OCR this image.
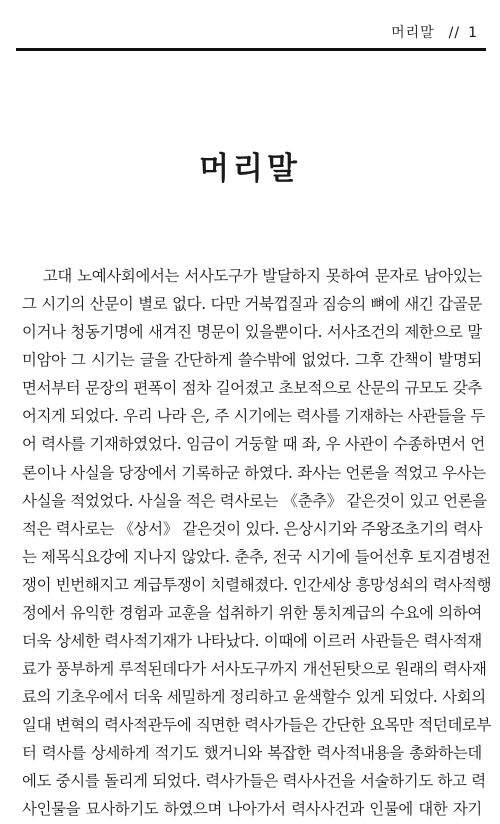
머리말 // 1
머리말
고대 노예사회에서는 서사도구가 발달하지 못하여 문자로 남아있는
그 시기의 산문이 별로 없다. 다만 거북껍질과 짐승의 뼈에 새긴 갑골문
이거나 청동기명에 새겨진 명문이 있을뿐이다. 서사조건의 제한으로 말
미암아 그 시기는 글을 간단하게 쓸수밖에 없었다. 그후 간책이 발명되
면서부터 문장의 편폭이 점차 길어졌고 초보적으로 산문의 규모도 갖추
어지게 되었다. 우리 나라 은, 주 시기에는 력사를 기재하는 사관들을 두
어 력사를 기재하였었다. 임금이 거둥할 때 좌, 우 사관이 수종하면서 언
론이나 사실을 당장에서 기록하군 하였다. 좌사는 언론을 적었고 우사는
사실을 적었었다. 사실을 적은 력사로는 《춘추》 같은것이 있고 언론을
적은 력사로는 《상서》 같은것이 있다. 은상시기와 주왕조초기의 력사
는 제목식요강에 지나지 않았다. 춘추, 전국 시기에 들어선후 토지겸병전
쟁이 빈번해지고 계급투쟁이 치렬해졌다. 인간세상 흥망성쇠의 력사적행
정에서 유익한 경험과 교훈을 섭취하기 위한 통치계급의 수요에 의하여
더욱 상세한 력사적기재가 나타났다. 이때에 이르러 사관들은 력사적재
료가 풍부하게 루적된데다가 서사도구까지 개선된탓으로 원래의 력사재
료의 기초우에서 더욱 세밀하게 정리하고 윤색할수 있게 되었다. 사회의
일대 변혁의 력사적관두에 직면한 력사가들은 간단한 요목만 적던데로부
터 력사를 상세하게 적기도 했거니와 복잡한 력사적내용을 총화하는데
에도 중시를 돌리게 되었다. 력사가들은 력사사건을 서술하기도 하고 력
사인물을 묘사하기도 하였으며 나아가서 력사사건과 인물에 대한 자기
